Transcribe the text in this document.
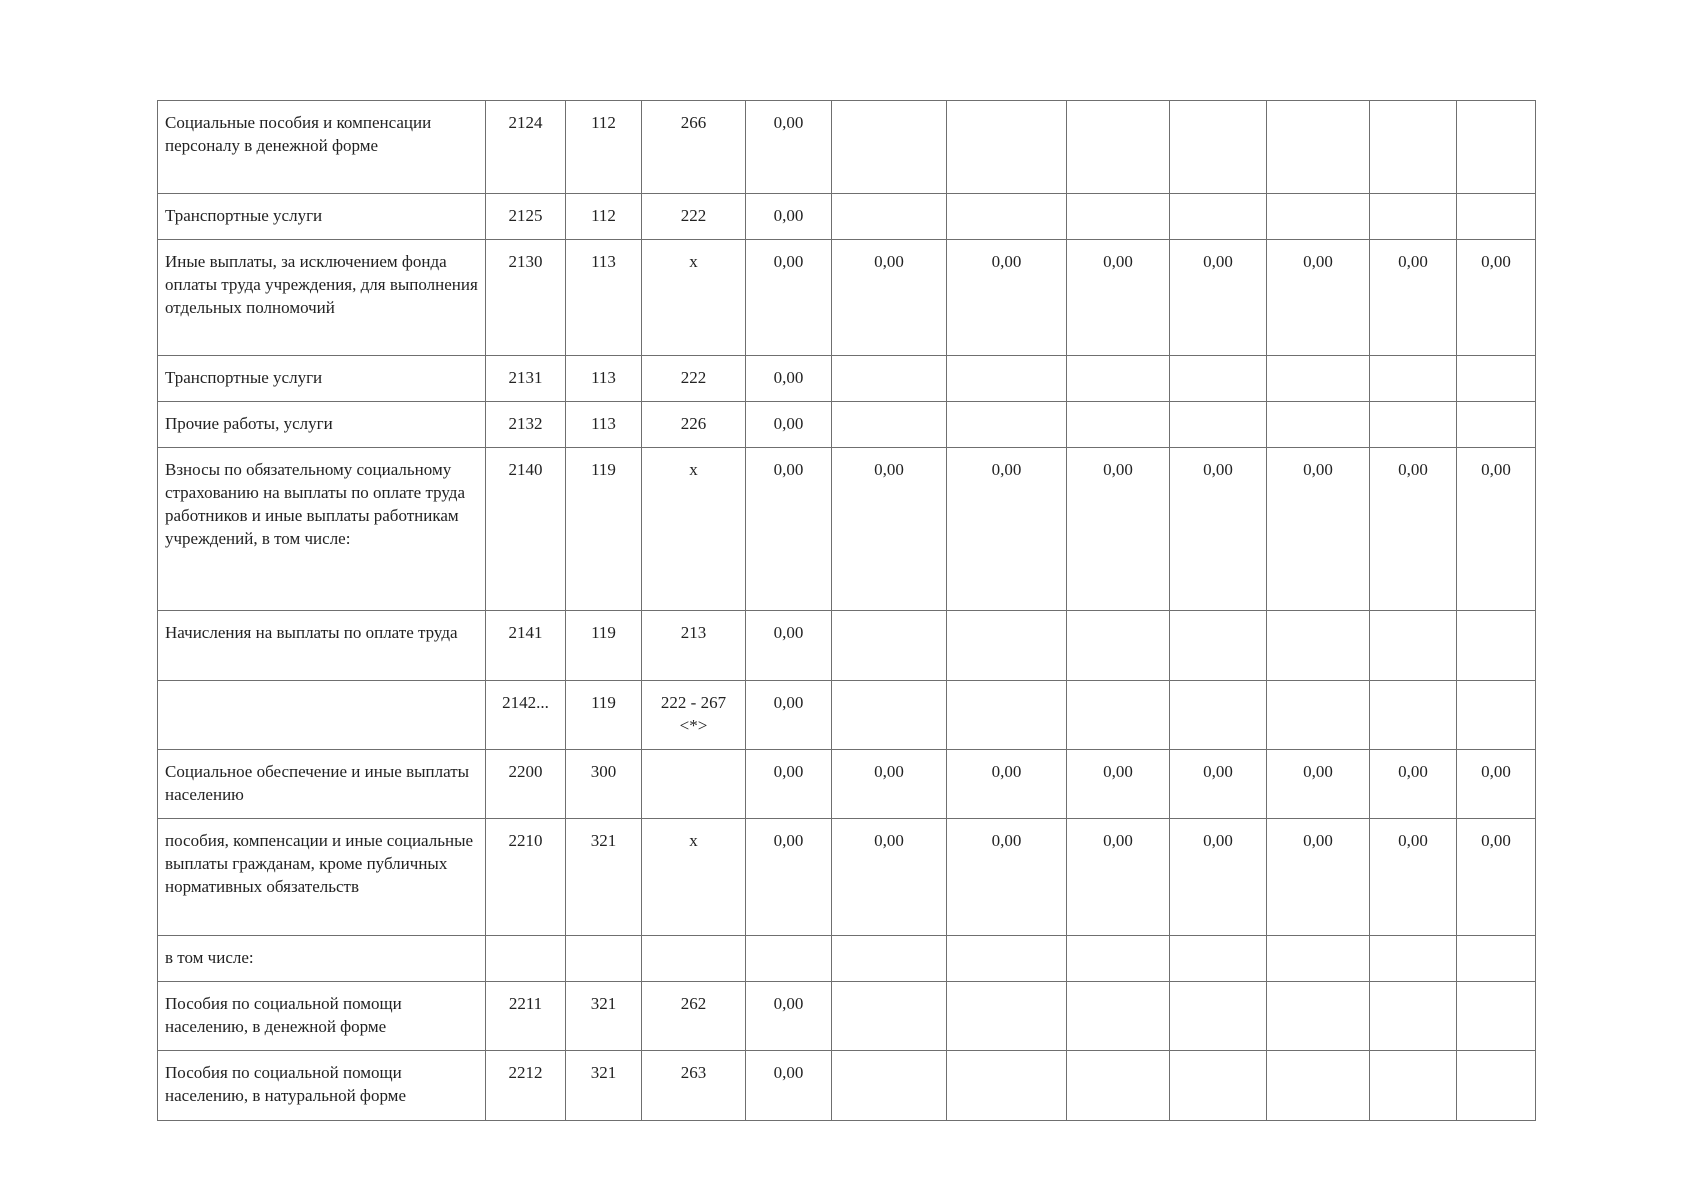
Социальные пособия и компенсации персоналу в денежной форме	2124	112	266	0,00							
Транспортные услуги	2125	112	222	0,00							
Иные выплаты, за исключением фонда оплаты труда учреждения, для выполнения отдельных полномочий	2130	113	x	0,00	0,00	0,00	0,00	0,00	0,00	0,00	0,00
Транспортные услуги	2131	113	222	0,00							
Прочие работы, услуги	2132	113	226	0,00							
Взносы по обязательному социальному страхованию на выплаты по оплате труда работников и иные выплаты работникам учреждений, в том числе:	2140	119	x	0,00	0,00	0,00	0,00	0,00	0,00	0,00	0,00
Начисления на выплаты по оплате труда	2141	119	213	0,00							
	2142...	119	222 - 267 <*>	0,00							
Социальное обеспечение и иные выплаты населению	2200	300		0,00	0,00	0,00	0,00	0,00	0,00	0,00	0,00
пособия, компенсации и иные социальные выплаты гражданам, кроме публичных нормативных обязательств	2210	321	x	0,00	0,00	0,00	0,00	0,00	0,00	0,00	0,00
в том числе:											
Пособия по социальной помощи населению, в денежной форме	2211	321	262	0,00							
Пособия по социальной помощи населению, в натуральной форме	2212	321	263	0,00							
